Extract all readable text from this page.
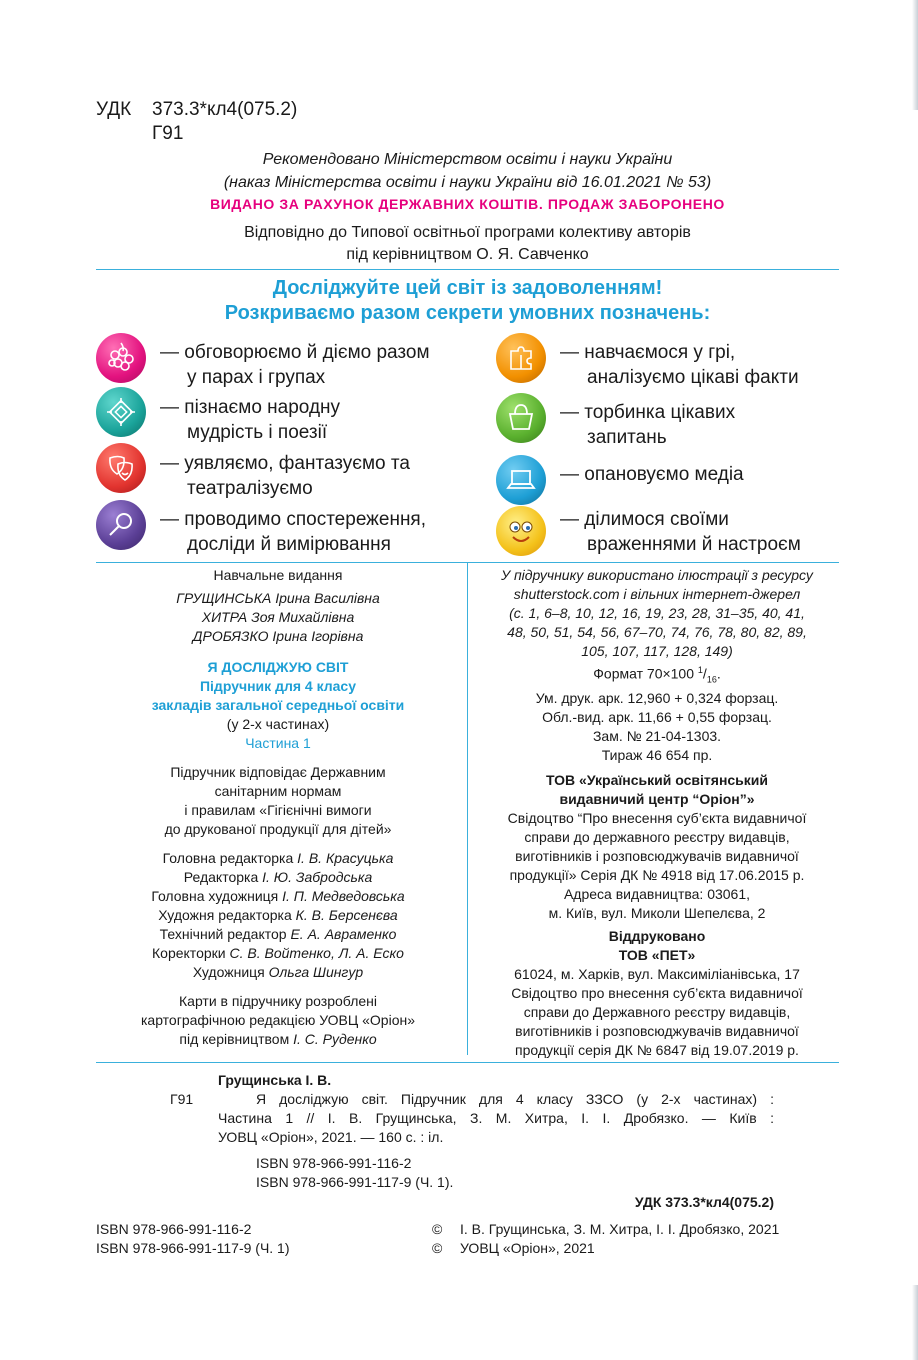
УДК 373.3*кл4(075.2)
Г91

Рекомендовано Міністерством освіти і науки України

(наказ Міністерства освіти і науки України від 16.01.2021 № 53)

ВИДАНО ЗА РАХУНОК ДЕРЖАВНИХ КОШТІВ. ПРОДАЖ ЗАБОРОНЕНО

Відповідно до Типової освітньої програми колективу авторів

під керівництвом О. Я. Савченко

Досліджуйте цей світ із задоволенням!

Розкриваємо разом секрети умовних позначень:

— обговорюємо й діємо разом
у парах і групах
— пізнаємо народну
мудрість і поезії
— уявляємо, фантазуємо та
театралізуємо
— проводимо спостереження,
досліди й вимірювання
— навчаємося у грі,
аналізуємо цікаві факти
— торбинка цікавих
запитань
— опановуємо медіа
— ділимося своїми
враженнями й настроєм

Навчальне видання

ГРУЩИНСЬКА Ірина Василівна

ХИТРА Зоя Михайлівна

ДРОБЯЗКО Ірина Ігорівна

Я ДОСЛІДЖУЮ СВІТ

Підручник для 4 класу

закладів загальної середньої освіти

(у 2-х частинах)

Частина 1

Підручник відповідає Державним

санітарним нормам

і правилам «Гігієнічні вимоги

до друкованої продукції для дітей»

Головна редакторка І. В. Красуцька

Редакторка І. Ю. Забродська

Головна художниця І. П. Медведовська

Художня редакторка К. В. Берсенєва

Технічний редактор Е. А. Авраменко

Коректорки С. В. Войтенко, Л. А. Еско

Художниця Ольга Шингур

Карти в підручнику розроблені

картографічною редакцією УОВЦ «Оріон»

під керівництвом І. С. Руденко

У підручнику використано ілюстрації з ресурсу

shutterstock.com і вільних інтернет-джерел

(с. 1, 6–8, 10, 12, 16, 19, 23, 28, 31–35, 40, 41,

48, 50, 51, 54, 56, 67–70, 74, 76, 78, 80, 82, 89,

105, 107, 117, 128, 149)

Формат 70×100 $^1/_{16}$.

Ум. друк. арк. 12,960 + 0,324 форзац.

Обл.-вид. арк. 11,66 + 0,55 форзац.

Зам. № 21-04-1303.

Тираж 46 654 пр.

ТОВ «Український освітянський

видавничий центр “Оріон”»

Свідоцтво “Про внесення суб’єкта видавничої

справи до державного реєстру видавців,

виготівників і розповсюджувачів видавничої

продукції» Серія ДК № 4918 від 17.06.2015 р.

Адреса видавництва: 03061,

м. Київ, вул. Миколи Шепелєва, 2

Віддруковано

ТОВ «ПЕТ»

61024, м. Харків, вул. Максиміліанівська, 17

Свідоцтво про внесення суб’єкта видавничої

справи до Державного реєстру видавців,

виготівників і розповсюджувачів видавничої

продукції серія ДК № 6847 від 19.07.2019 р.

Грущинська І. В.
Г91	Я досліджую світ. Підручник для 4 класу ЗЗСО (у 2-х частинах) :

Частина 1 // І. В. Грущинська, З. М. Хитра, І. І. Дробязко. — Київ :

УОВЦ «Оріон», 2021. — 160 с. : іл.

ISBN 978-966-991-116-2

ISBN 978-966-991-117-9 (Ч. 1).

УДК 373.3*кл4(075.2)

ISBN 978-966-991-116-2

ISBN 978-966-991-117-9 (Ч. 1)

© І. В. Грущинська, З. М. Хитра, І. І. Дробязко, 2021

© УОВЦ «Оріон», 2021
